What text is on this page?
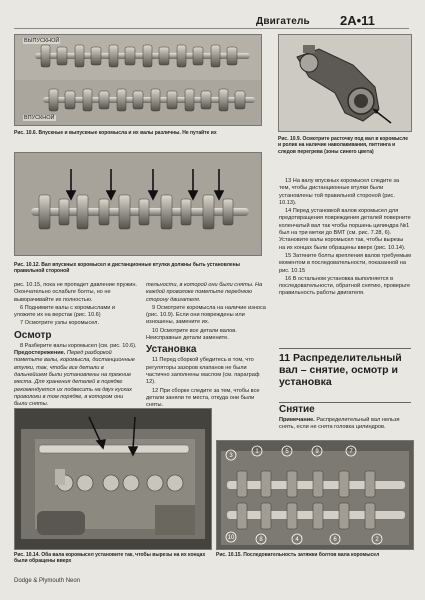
Двигатель 2A•11
ВЫПУСКНОЙ
ВПУСКНОЙ
Рис. 10.6. Впускные и выпускные коромысла и их валы различны. Не путайте их
Рис. 10.9. Осмотрите расточку под вал в коромысле и ролик на наличие наволакивания, питтинга и следов перегрева (зоны синего цвета)
Рис. 10.12. Вал впускных коромысел и дистанционные втулки должны быть установлены правильной стороной

рис. 10.15, пока не пропадет давление пружин. Окончательно ослабьте болты, но не выворачивайте их полностью.

6 Поднимите валы с коромыслами и уложите их на верстак (рис. 10.6)

7 Осмотрите узлы коромысел.

Осмотр

8 Разберите валы коромысел (см. рис. 10.6). Предостережение. Перед разборкой пометьте валы, коромысла, дистанционные втулки, так, чтобы все детали в дальнейшем были установлены на прежние места. Для хранения деталей в порядке рекомендуется их подвесить на двух кусках проволоки в том порядке, в котором они были сняты.

тельности, в которой они были сняты. На каждой проволоке пометьте переднюю сторону двигателя.

9 Осмотрите коромысла на наличие износа (рис. 10.9). Если они повреждены или изношены, замените их.

10 Осмотрите все детали валов. Неисправные детали замените.

Установка

11 Перед сборкой убедитесь в том, что регуляторы зазоров клапанов не были частично заполнены маслом (см. параграф 12).

12 При сборке следите за тем, чтобы все детали заняли те места, откуда они были сняты.

13 На валу впускных коромысел следите за тем, чтобы дистанционные втулки были установлены той правильной стороной (рис. 10.13).

14 Перед установкой валов коромысел для предотвращения повреждения деталей поверните коленчатый вал так чтобы поршень цилиндра №1 был на три метки до ВМТ (см. рис. 7.28, 6). Установите валы коромысел так, чтобы вырезы на их концах были обращены вверх (рис. 10.14).

15 Затяните болты крепления валов требуемым моментом в последовательности, показанной на рис. 10.15

16 В остальном установка выполняется в последовательности, обратной снятию, проверьте правильность работы двигателя.

11 Распределительный вал – снятие, осмотр и установка
Снятие

Примечание. Распределительный вал нельзя снять, если не снята головка цилиндров.

Рис. 10.14. Оба вала коромысел установите так, чтобы вырезы на их концах были обращены вверх
3
1	5	9	7
10	8	4	6	2
Рис. 10.15. Последовательность затяжки болтов вала коромысел
Dodge & Plymouth Neon
